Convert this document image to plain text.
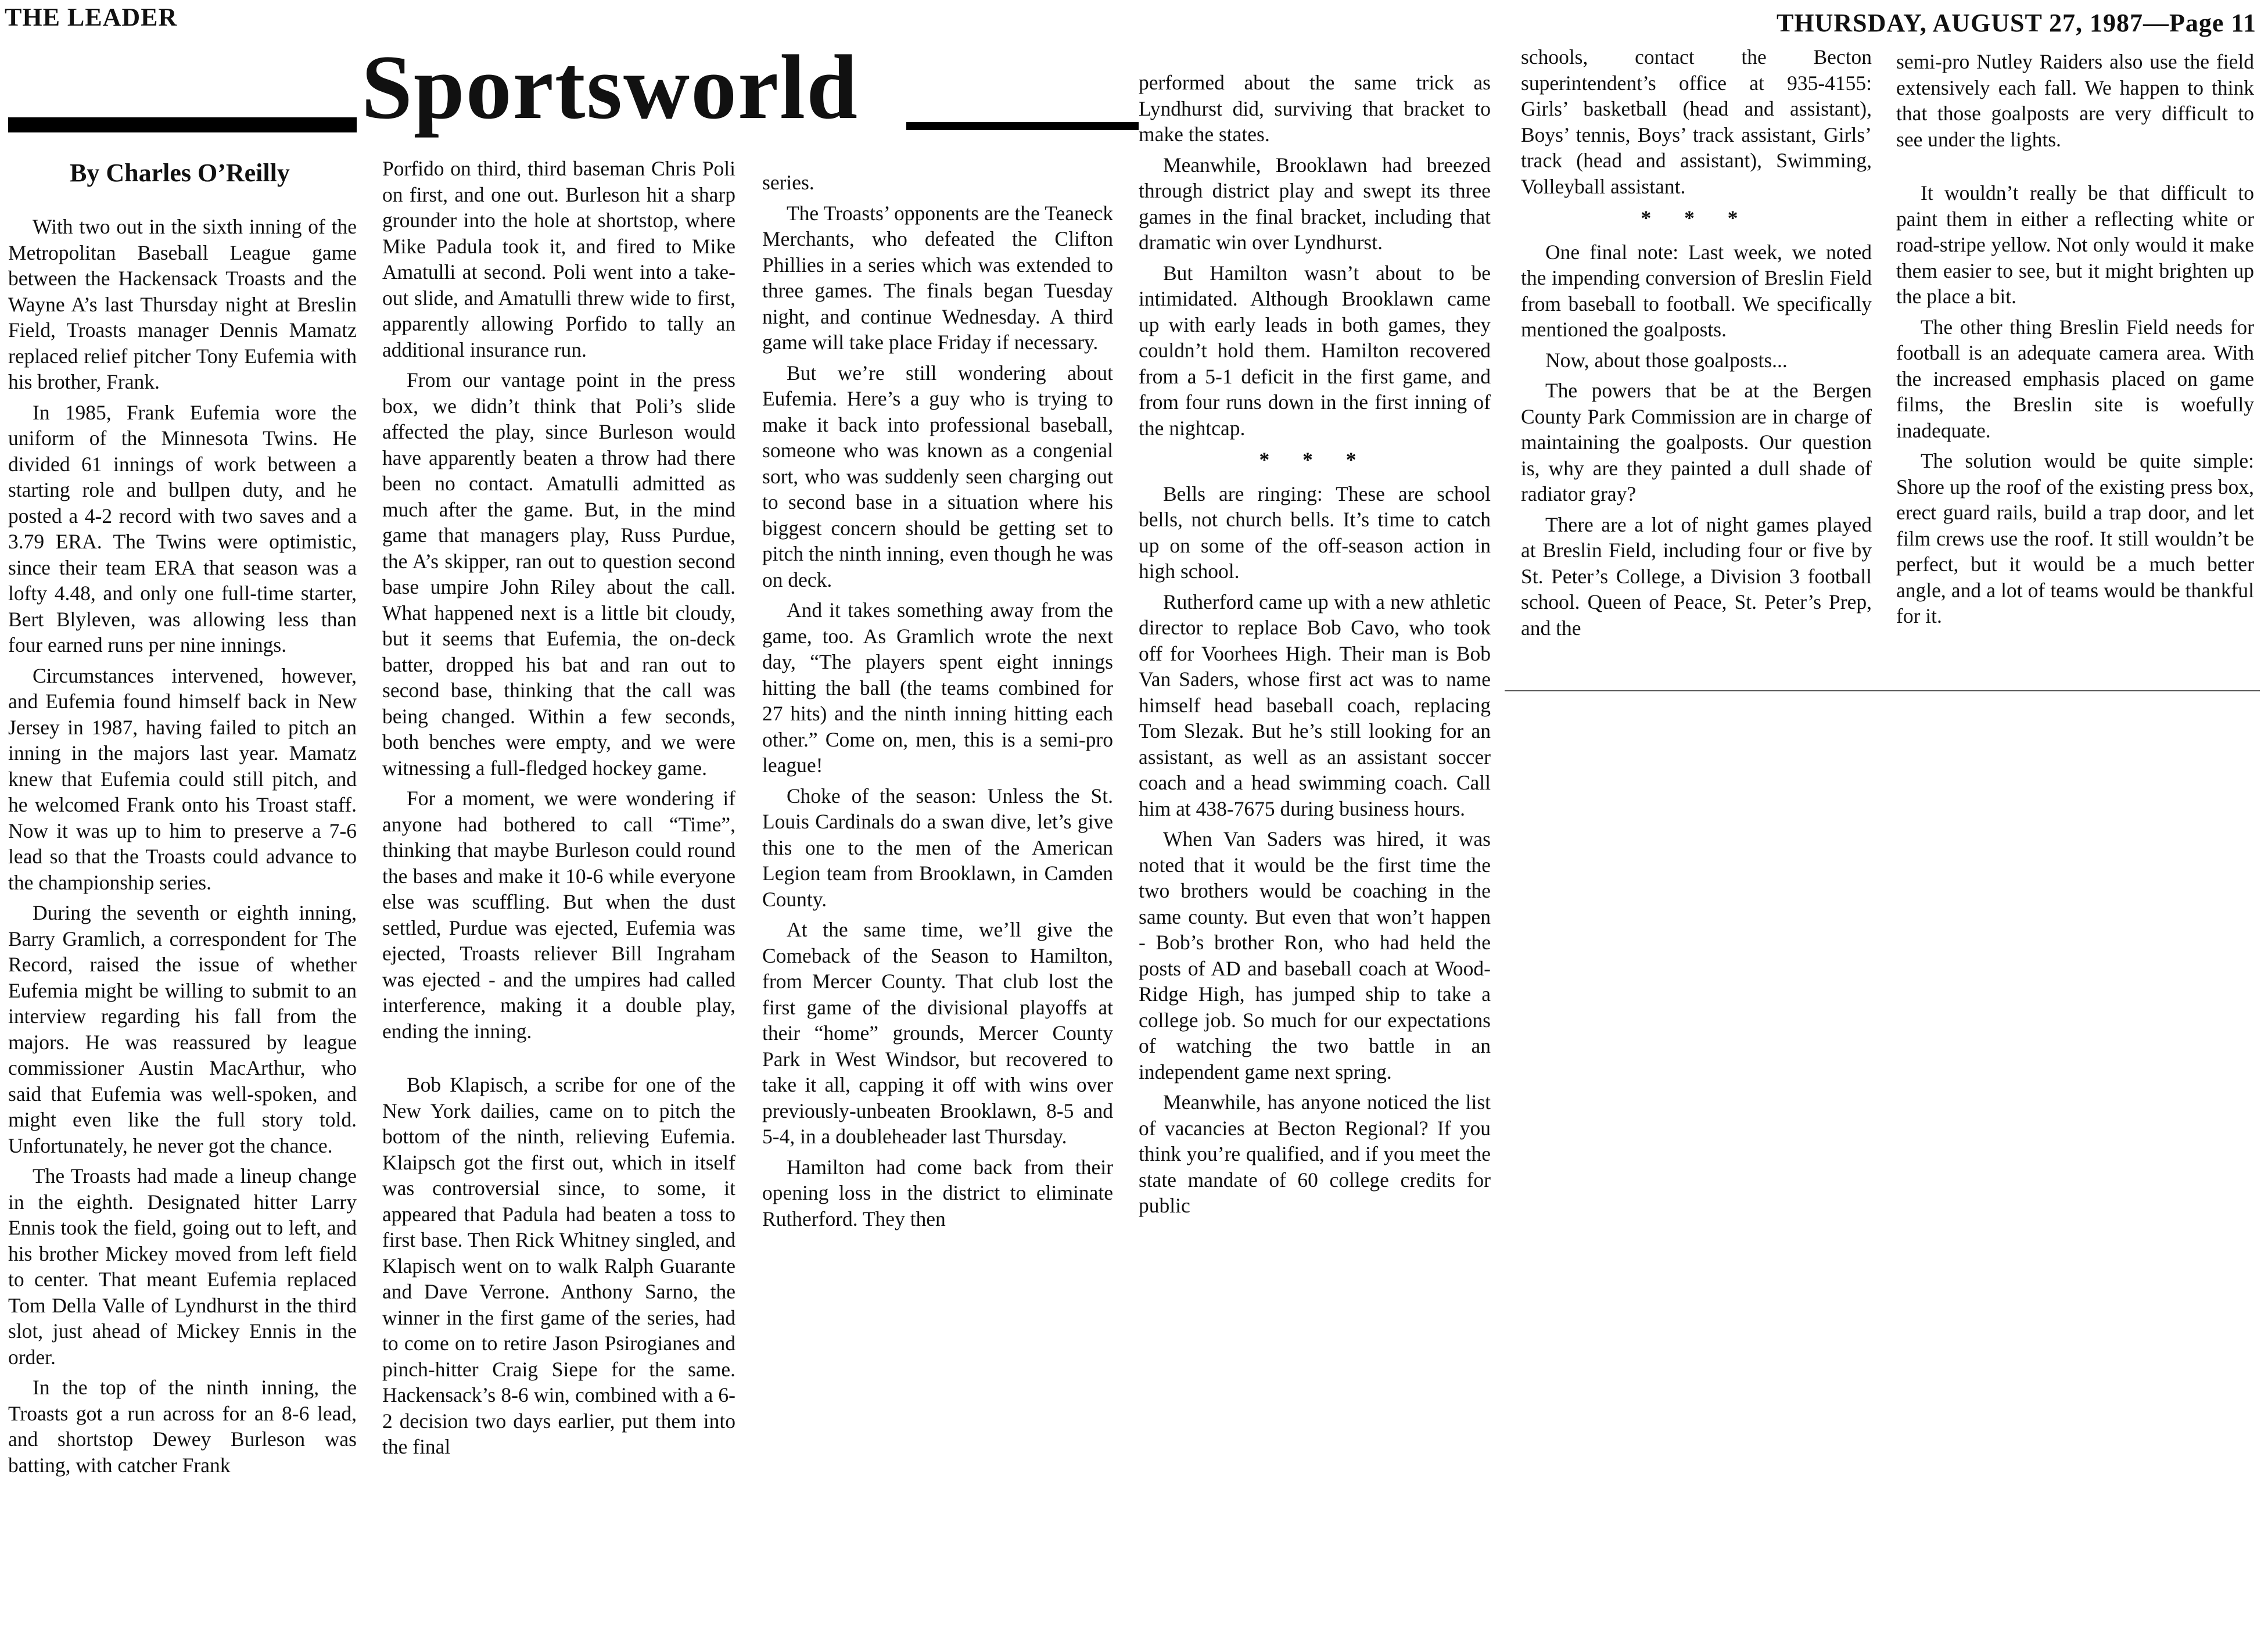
THE LEADER	THURSDAY, AUGUST 27, 1987—Page 11
Sportsworld
By Charles O’Reilly

With two out in the sixth inning of the Metropolitan Baseball League game between the Hackensack Troasts and the Wayne A’s last Thursday night at Breslin Field, Troasts manager Dennis Mamatz replaced relief pitcher Tony Eufemia with his brother, Frank.

In 1985, Frank Eufemia wore the uniform of the Minnesota Twins. He divided 61 innings of work between a starting role and bullpen duty, and he posted a 4-2 record with two saves and a 3.79 ERA. The Twins were optimistic, since their team ERA that season was a lofty 4.48, and only one full-time starter, Bert Blyleven, was allowing less than four earned runs per nine innings.

Circumstances intervened, however, and Eufemia found himself back in New Jersey in 1987, having failed to pitch an inning in the majors last year. Mamatz knew that Eufemia could still pitch, and he welcomed Frank onto his Troast staff. Now it was up to him to preserve a 7-6 lead so that the Troasts could advance to the championship series.

During the seventh or eighth inning, Barry Gramlich, a correspondent for The Record, raised the issue of whether Eufemia might be willing to submit to an interview regarding his fall from the majors. He was reassured by league commissioner Austin MacArthur, who said that Eufemia was well-spoken, and might even like the full story told. Unfortunately, he never got the chance.

The Troasts had made a lineup change in the eighth. Designated hitter Larry Ennis took the field, going out to left, and his brother Mickey moved from left field to center. That meant Eufemia replaced Tom Della Valle of Lyndhurst in the third slot, just ahead of Mickey Ennis in the order.

In the top of the ninth inning, the Troasts got a run across for an 8-6 lead, and shortstop Dewey Burleson was batting, with catcher Frank

Porfido on third, third baseman Chris Poli on first, and one out. Burleson hit a sharp grounder into the hole at shortstop, where Mike Padula took it, and fired to Mike Amatulli at second. Poli went into a take-out slide, and Amatulli threw wide to first, apparently allowing Porfido to tally an additional insurance run.

From our vantage point in the press box, we didn’t think that Poli’s slide affected the play, since Burleson would have apparently beaten a throw had there been no contact. Amatulli admitted as much after the game. But, in the mind game that managers play, Russ Purdue, the A’s skipper, ran out to question second base umpire John Riley about the call. What happened next is a little bit cloudy, but it seems that Eufemia, the on-deck batter, dropped his bat and ran out to second base, thinking that the call was being changed. Within a few seconds, both benches were empty, and we were witnessing a full-fledged hockey game.

For a moment, we were wondering if anyone had bothered to call “Time”, thinking that maybe Burleson could round the bases and make it 10-6 while everyone else was scuffling. But when the dust settled, Purdue was ejected, Eufemia was ejected, Troasts reliever Bill Ingraham was ejected - and the umpires had called interference, making it a double play, ending the inning.

Bob Klapisch, a scribe for one of the New York dailies, came on to pitch the bottom of the ninth, relieving Eufemia. Klaipsch got the first out, which in itself was controversial since, to some, it appeared that Padula had beaten a toss to first base. Then Rick Whitney singled, and Klapisch went on to walk Ralph Guarante and Dave Verrone. Anthony Sarno, the winner in the first game of the series, had to come on to retire Jason Psirogianes and pinch-hitter Craig Siepe for the same. Hackensack’s 8-6 win, combined with a 6-2 decision two days earlier, put them into the final

series.

The Troasts’ opponents are the Teaneck Merchants, who defeated the Clifton Phillies in a series which was extended to three games. The finals began Tuesday night, and continue Wednesday. A third game will take place Friday if necessary.

But we’re still wondering about Eufemia. Here’s a guy who is trying to make it back into professional baseball, someone who was known as a congenial sort, who was suddenly seen charging out to second base in a situation where his biggest concern should be getting set to pitch the ninth inning, even though he was on deck.

And it takes something away from the game, too. As Gramlich wrote the next day, “The players spent eight innings hitting the ball (the teams combined for 27 hits) and the ninth inning hitting each other.” Come on, men, this is a semi-pro league!

Choke of the season: Unless the St. Louis Cardinals do a swan dive, let’s give this one to the men of the American Legion team from Brooklawn, in Camden County.

At the same time, we’ll give the Comeback of the Season to Hamilton, from Mercer County. That club lost the first game of the divisional playoffs at their “home” grounds, Mercer County Park in West Windsor, but recovered to take it all, capping it off with wins over previously-unbeaten Brooklawn, 8-5 and 5-4, in a doubleheader last Thursday.

Hamilton had come back from their opening loss in the district to eliminate Rutherford. They then

performed about the same trick as Lyndhurst did, surviving that bracket to make the states.

Meanwhile, Brooklawn had breezed through district play and swept its three games in the final bracket, including that dramatic win over Lyndhurst.

But Hamilton wasn’t about to be intimidated. Although Brooklawn came up with early leads in both games, they couldn’t hold them. Hamilton recovered from a 5-1 deficit in the first game, and from four runs down in the first inning of the nightcap.

* * *

Bells are ringing: These are school bells, not church bells. It’s time to catch up on some of the off-season action in high school.

Rutherford came up with a new athletic director to replace Bob Cavo, who took off for Voorhees High. Their man is Bob Van Saders, whose first act was to name himself head baseball coach, replacing Tom Slezak. But he’s still looking for an assistant, as well as an assistant soccer coach and a head swimming coach. Call him at 438-7675 during business hours.

When Van Saders was hired, it was noted that it would be the first time the two brothers would be coaching in the same county. But even that won’t happen - Bob’s brother Ron, who had held the posts of AD and baseball coach at Wood-Ridge High, has jumped ship to take a college job. So much for our expectations of watching the two battle in an independent game next spring.

Meanwhile, has anyone noticed the list of vacancies at Becton Regional? If you think you’re qualified, and if you meet the state mandate of 60 college credits for public

schools, contact the Becton superintendent’s office at 935-4155: Girls’ basketball (head and assistant), Boys’ tennis, Boys’ track assistant, Girls’ track (head and assistant), Swimming, Volleyball assistant.

* * *

One final note: Last week, we noted the impending conversion of Breslin Field from baseball to football. We specifically mentioned the goalposts.

Now, about those goalposts...

The powers that be at the Bergen County Park Commission are in charge of maintaining the goalposts. Our question is, why are they painted a dull shade of radiator gray?

There are a lot of night games played at Breslin Field, including four or five by St. Peter’s College, a Division 3 football school. Queen of Peace, St. Peter’s Prep, and the

semi-pro Nutley Raiders also use the field extensively each fall. We happen to think that those goalposts are very difficult to see under the lights.

It wouldn’t really be that difficult to paint them in either a reflecting white or road-stripe yellow. Not only would it make them easier to see, but it might brighten up the place a bit.

The other thing Breslin Field needs for football is an adequate camera area. With the increased emphasis placed on game films, the Breslin site is woefully inadequate.

The solution would be quite simple: Shore up the roof of the existing press box, erect guard rails, build a trap door, and let film crews use the roof. It still wouldn’t be perfect, but it would be a much better angle, and a lot of teams would be thankful for it.
